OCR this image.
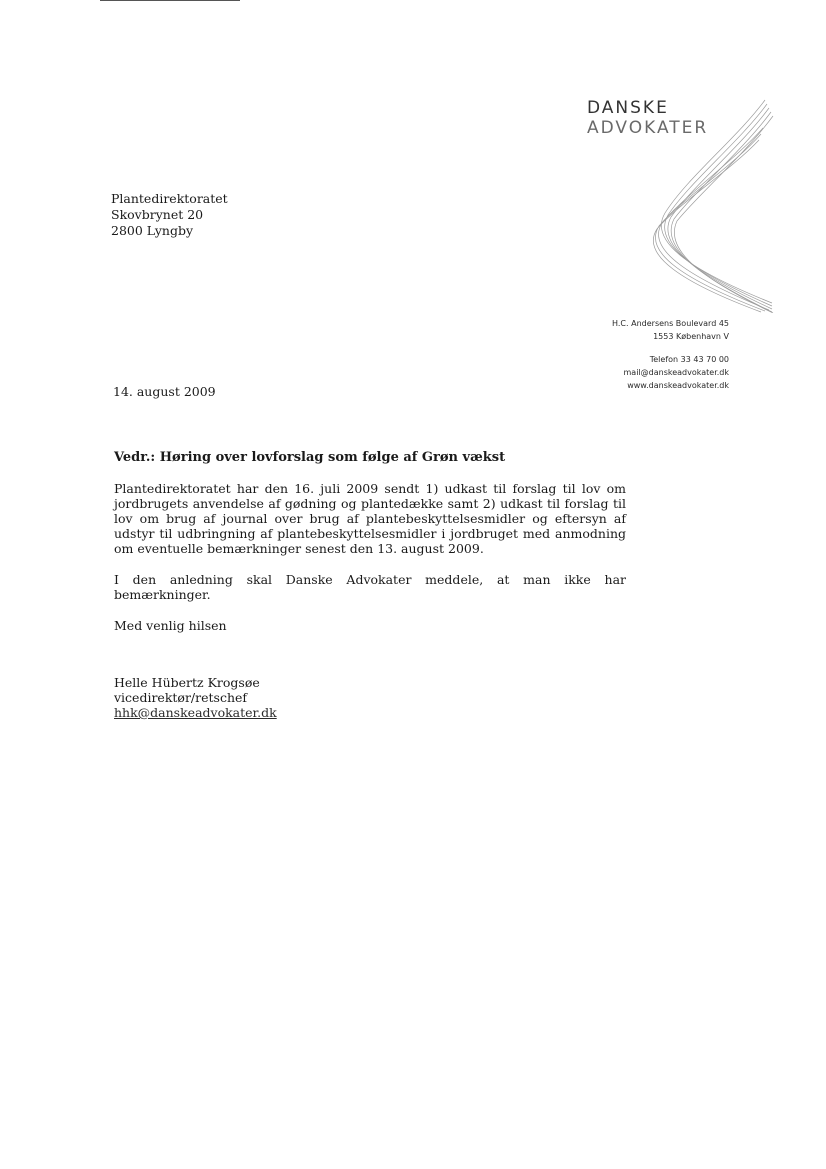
DANSKE
ADVOKATER
Plantedirektoratet
Skovbrynet 20
2800 Lyngby
H.C. Andersens Boulevard 45
1553 København V
Telefon 33 43 70 00
mail@danskeadvokater.dk
www.danskeadvokater.dk
14. august 2009

Vedr.: Høring over lovforslag som følge af Grøn vækst

Plantedirektoratet har den 16. juli 2009 sendt 1) udkast til forslag til lov om jordbrugets anvendelse af gødning og plantedække samt 2) udkast til forslag til lov om brug af journal over brug af plantebeskyttelsesmidler og eftersyn af udstyr til udbringning af plantebeskyttelsesmidler i jordbruget med anmodning om eventuelle bemærkninger senest den 13. august 2009.

I den anledning skal Danske Advokater meddele, at man ikke har bemærkninger.

Med venlig hilsen

Helle Hübertz Krogsøe

vicedirektør/retschef

hhk@danskeadvokater.dk
